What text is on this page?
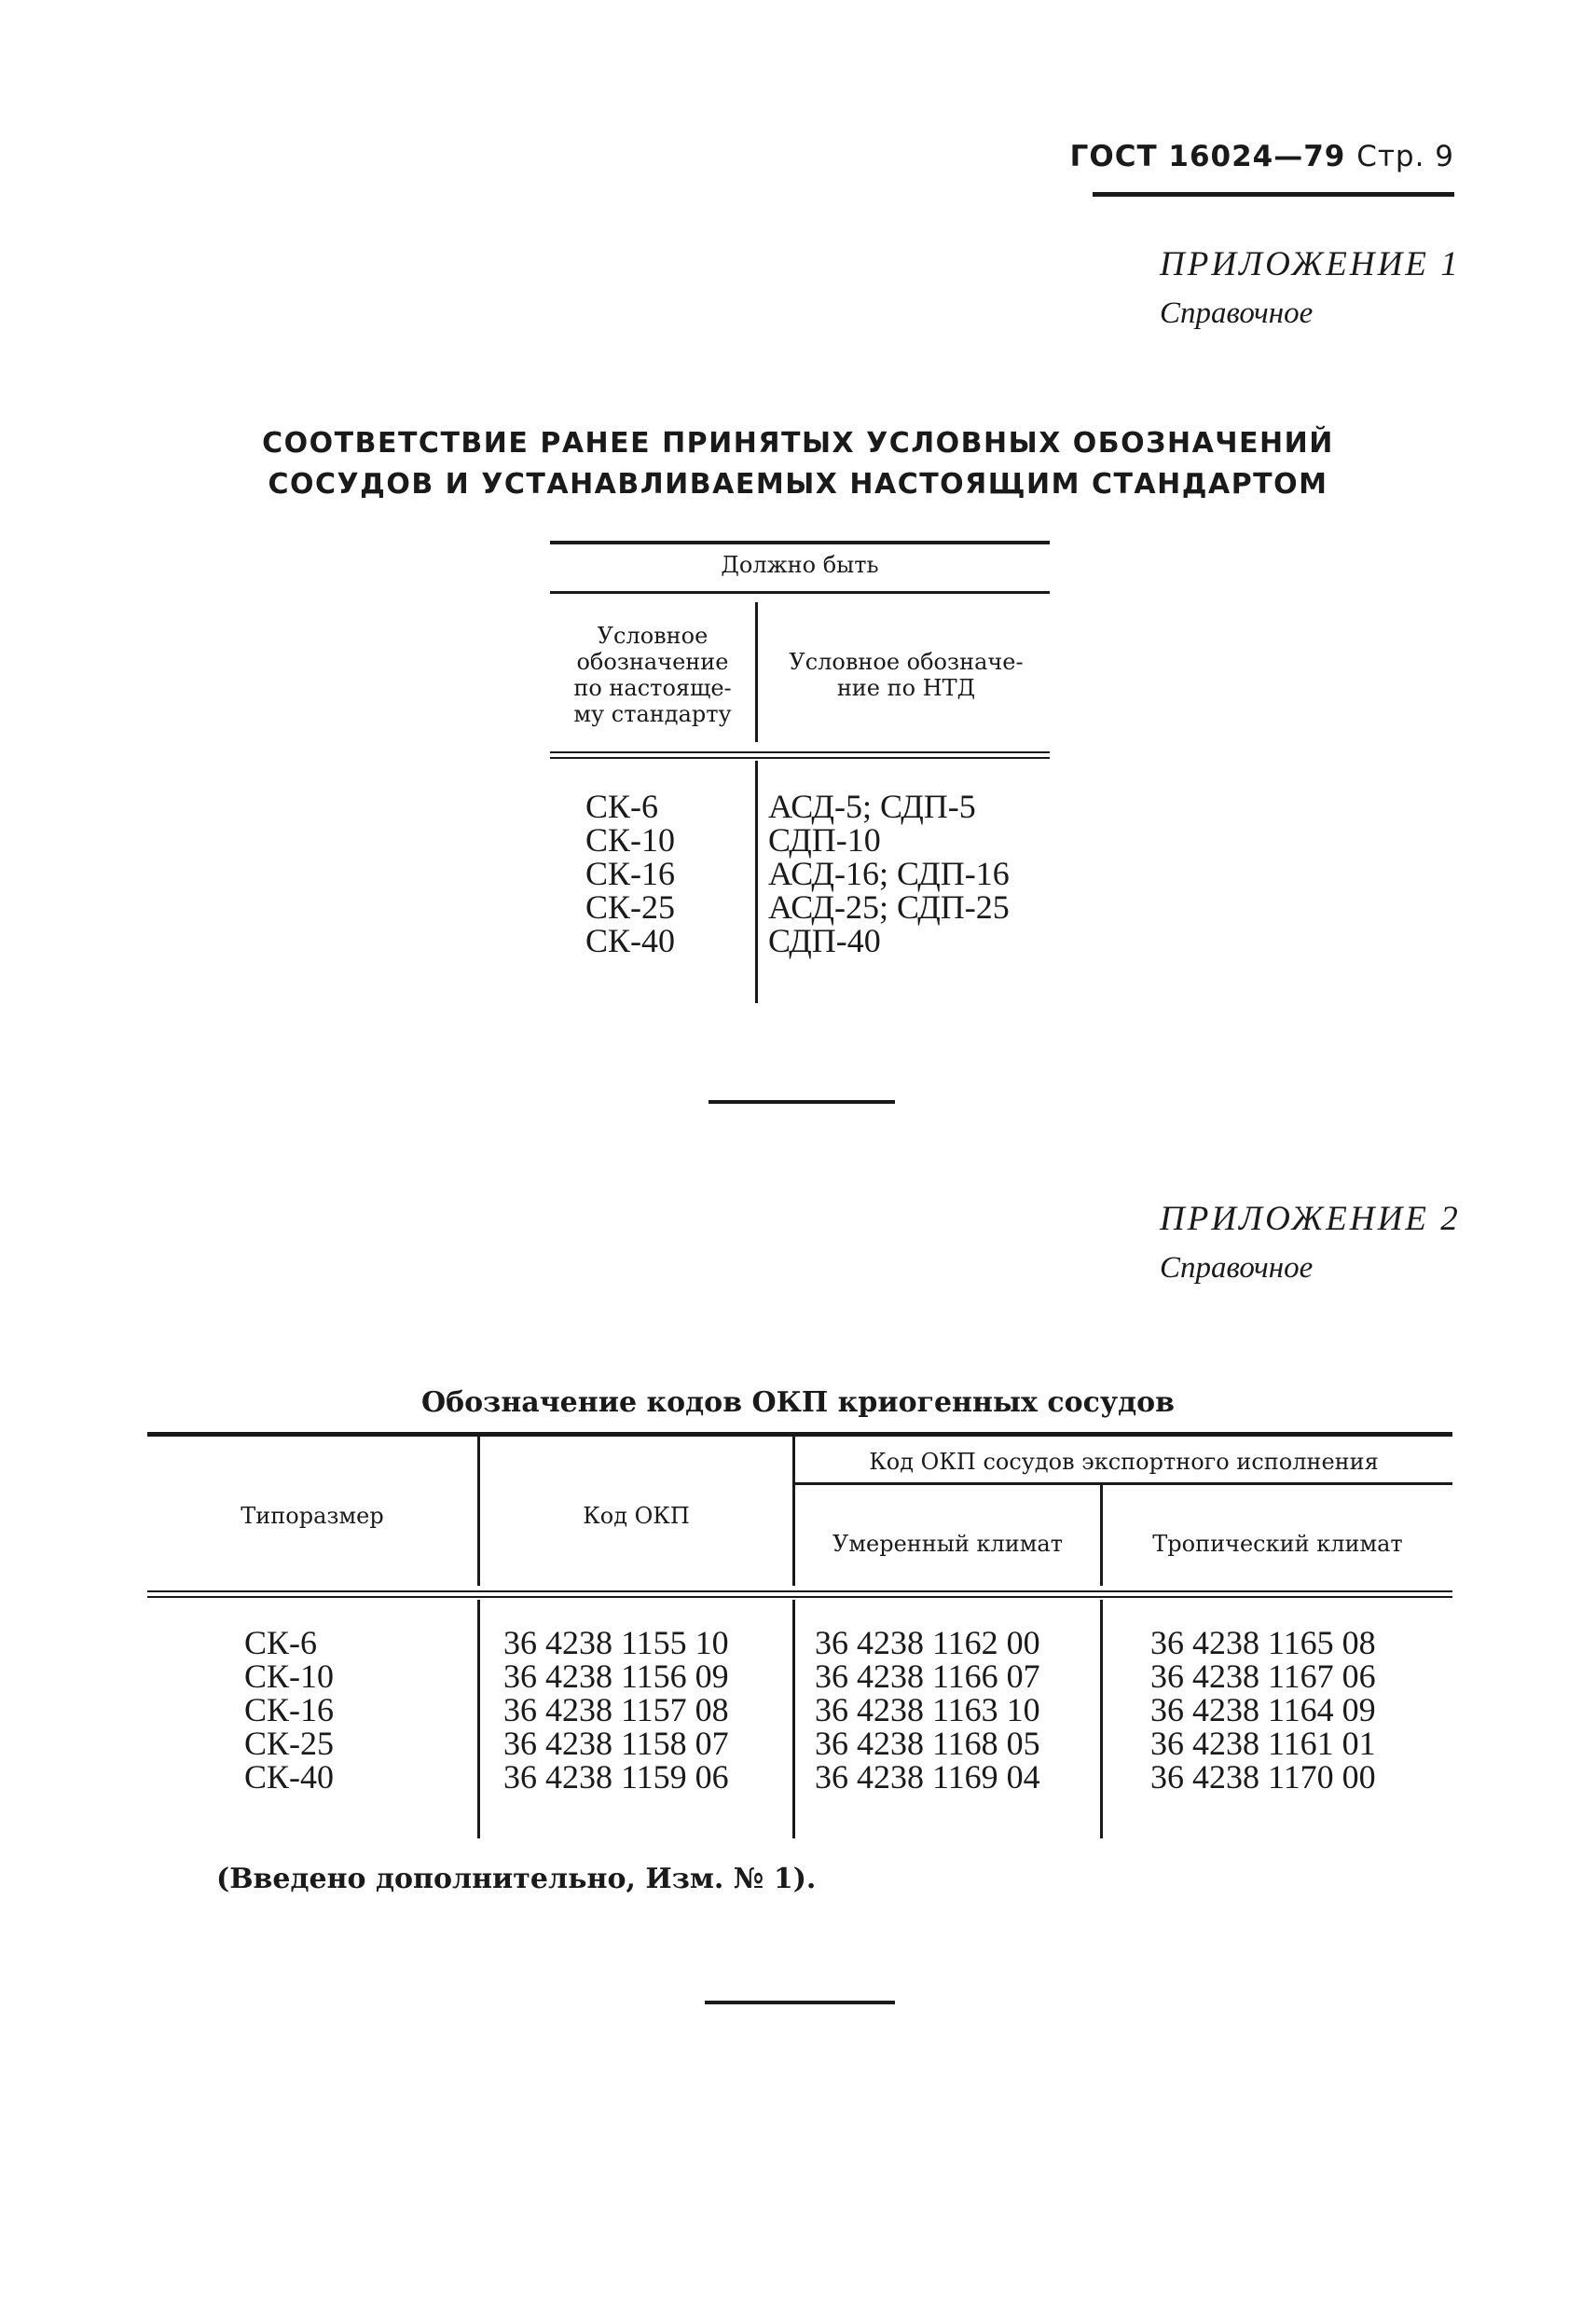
ГОСТ 16024—79 Стр. 9
ПРИЛОЖЕНИЕ 1
Справочное
СООТВЕТСТВИЕ РАНЕЕ ПРИНЯТЫХ УСЛОВНЫХ ОБОЗНАЧЕНИЙ
СОСУДОВ И УСТАНАВЛИВАЕМЫХ НАСТОЯЩИМ СТАНДАРТОМ
Должно быть
Условное
обозначение
по настояще-
му стандарту
Условное обозначе-
ние по НТД
СК-6
СК-10
СК-16
СК-25
СК-40
АСД-5; СДП-5
СДП-10
АСД-16; СДП-16
АСД-25; СДП-25
СДП-40
ПРИЛОЖЕНИЕ 2
Справочное
Обозначение кодов ОКП криогенных сосудов
Код ОКП сосудов экспортного исполнения
Типоразмер	Код ОКП
Умеренный климат	Тропический климат
СК-6
СК-10
СК-16
СК-25
СК-40
36 4238 1155 10
36 4238 1156 09
36 4238 1157 08
36 4238 1158 07
36 4238 1159 06
36 4238 1162 00
36 4238 1166 07
36 4238 1163 10
36 4238 1168 05
36 4238 1169 04
36 4238 1165 08
36 4238 1167 06
36 4238 1164 09
36 4238 1161 01
36 4238 1170 00
(Введено дополнительно, Изм. № 1).
